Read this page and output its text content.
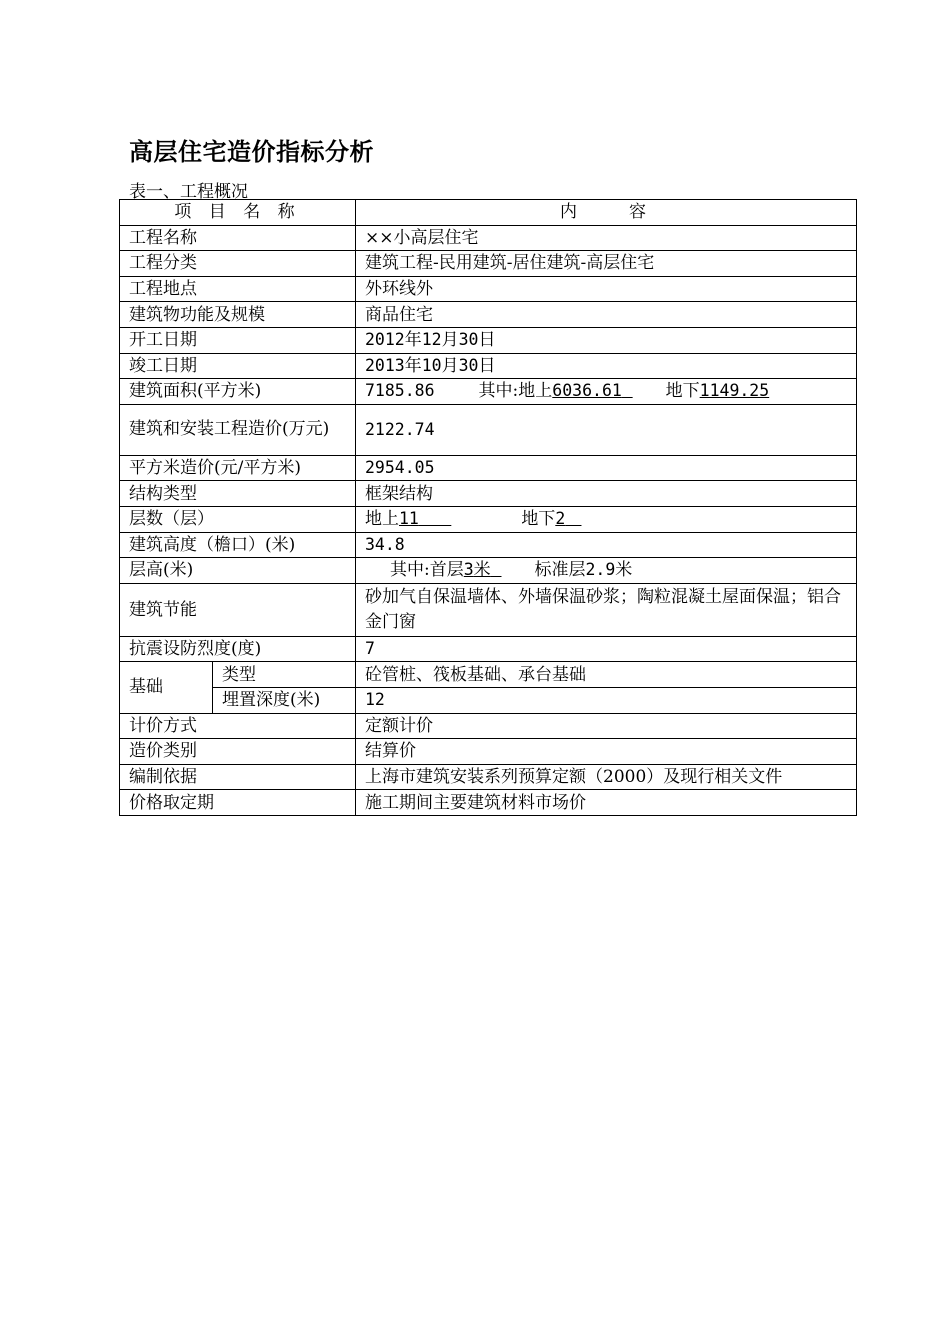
高层住宅造价指标分析
表一、工程概况
项 目 名 称		内　　容
工程名称		××小高层住宅
工程分类		建筑工程-民用建筑-居住建筑-高层住宅
工程地点		外环线外
建筑物功能及规模		商品住宅
开工日期		2012年12月30日
竣工日期		2013年10月30日
建筑面积(平方米)		7185.86 其中:地上6036.61 地下1149.25
建筑和安装工程造价(万元)		2122.74
平方米造价(元/平方米)		2954.05
结构类型		框架结构
层数（层）		地上11 地下2
建筑高度（檐口）(米)		34.8
层高(米)		其中:首层3米 标准层2.9米
建筑节能		砂加气自保温墙体、外墙保温砂浆；陶粒混凝土屋面保温；铝合金门窗
抗震设防烈度(度)		7
基础	类型	砼管桩、筏板基础、承台基础
	埋置深度(米)	12
计价方式		定额计价
造价类别		结算价
编制依据		上海市建筑安装系列预算定额（2000）及现行相关文件
价格取定期		施工期间主要建筑材料市场价
